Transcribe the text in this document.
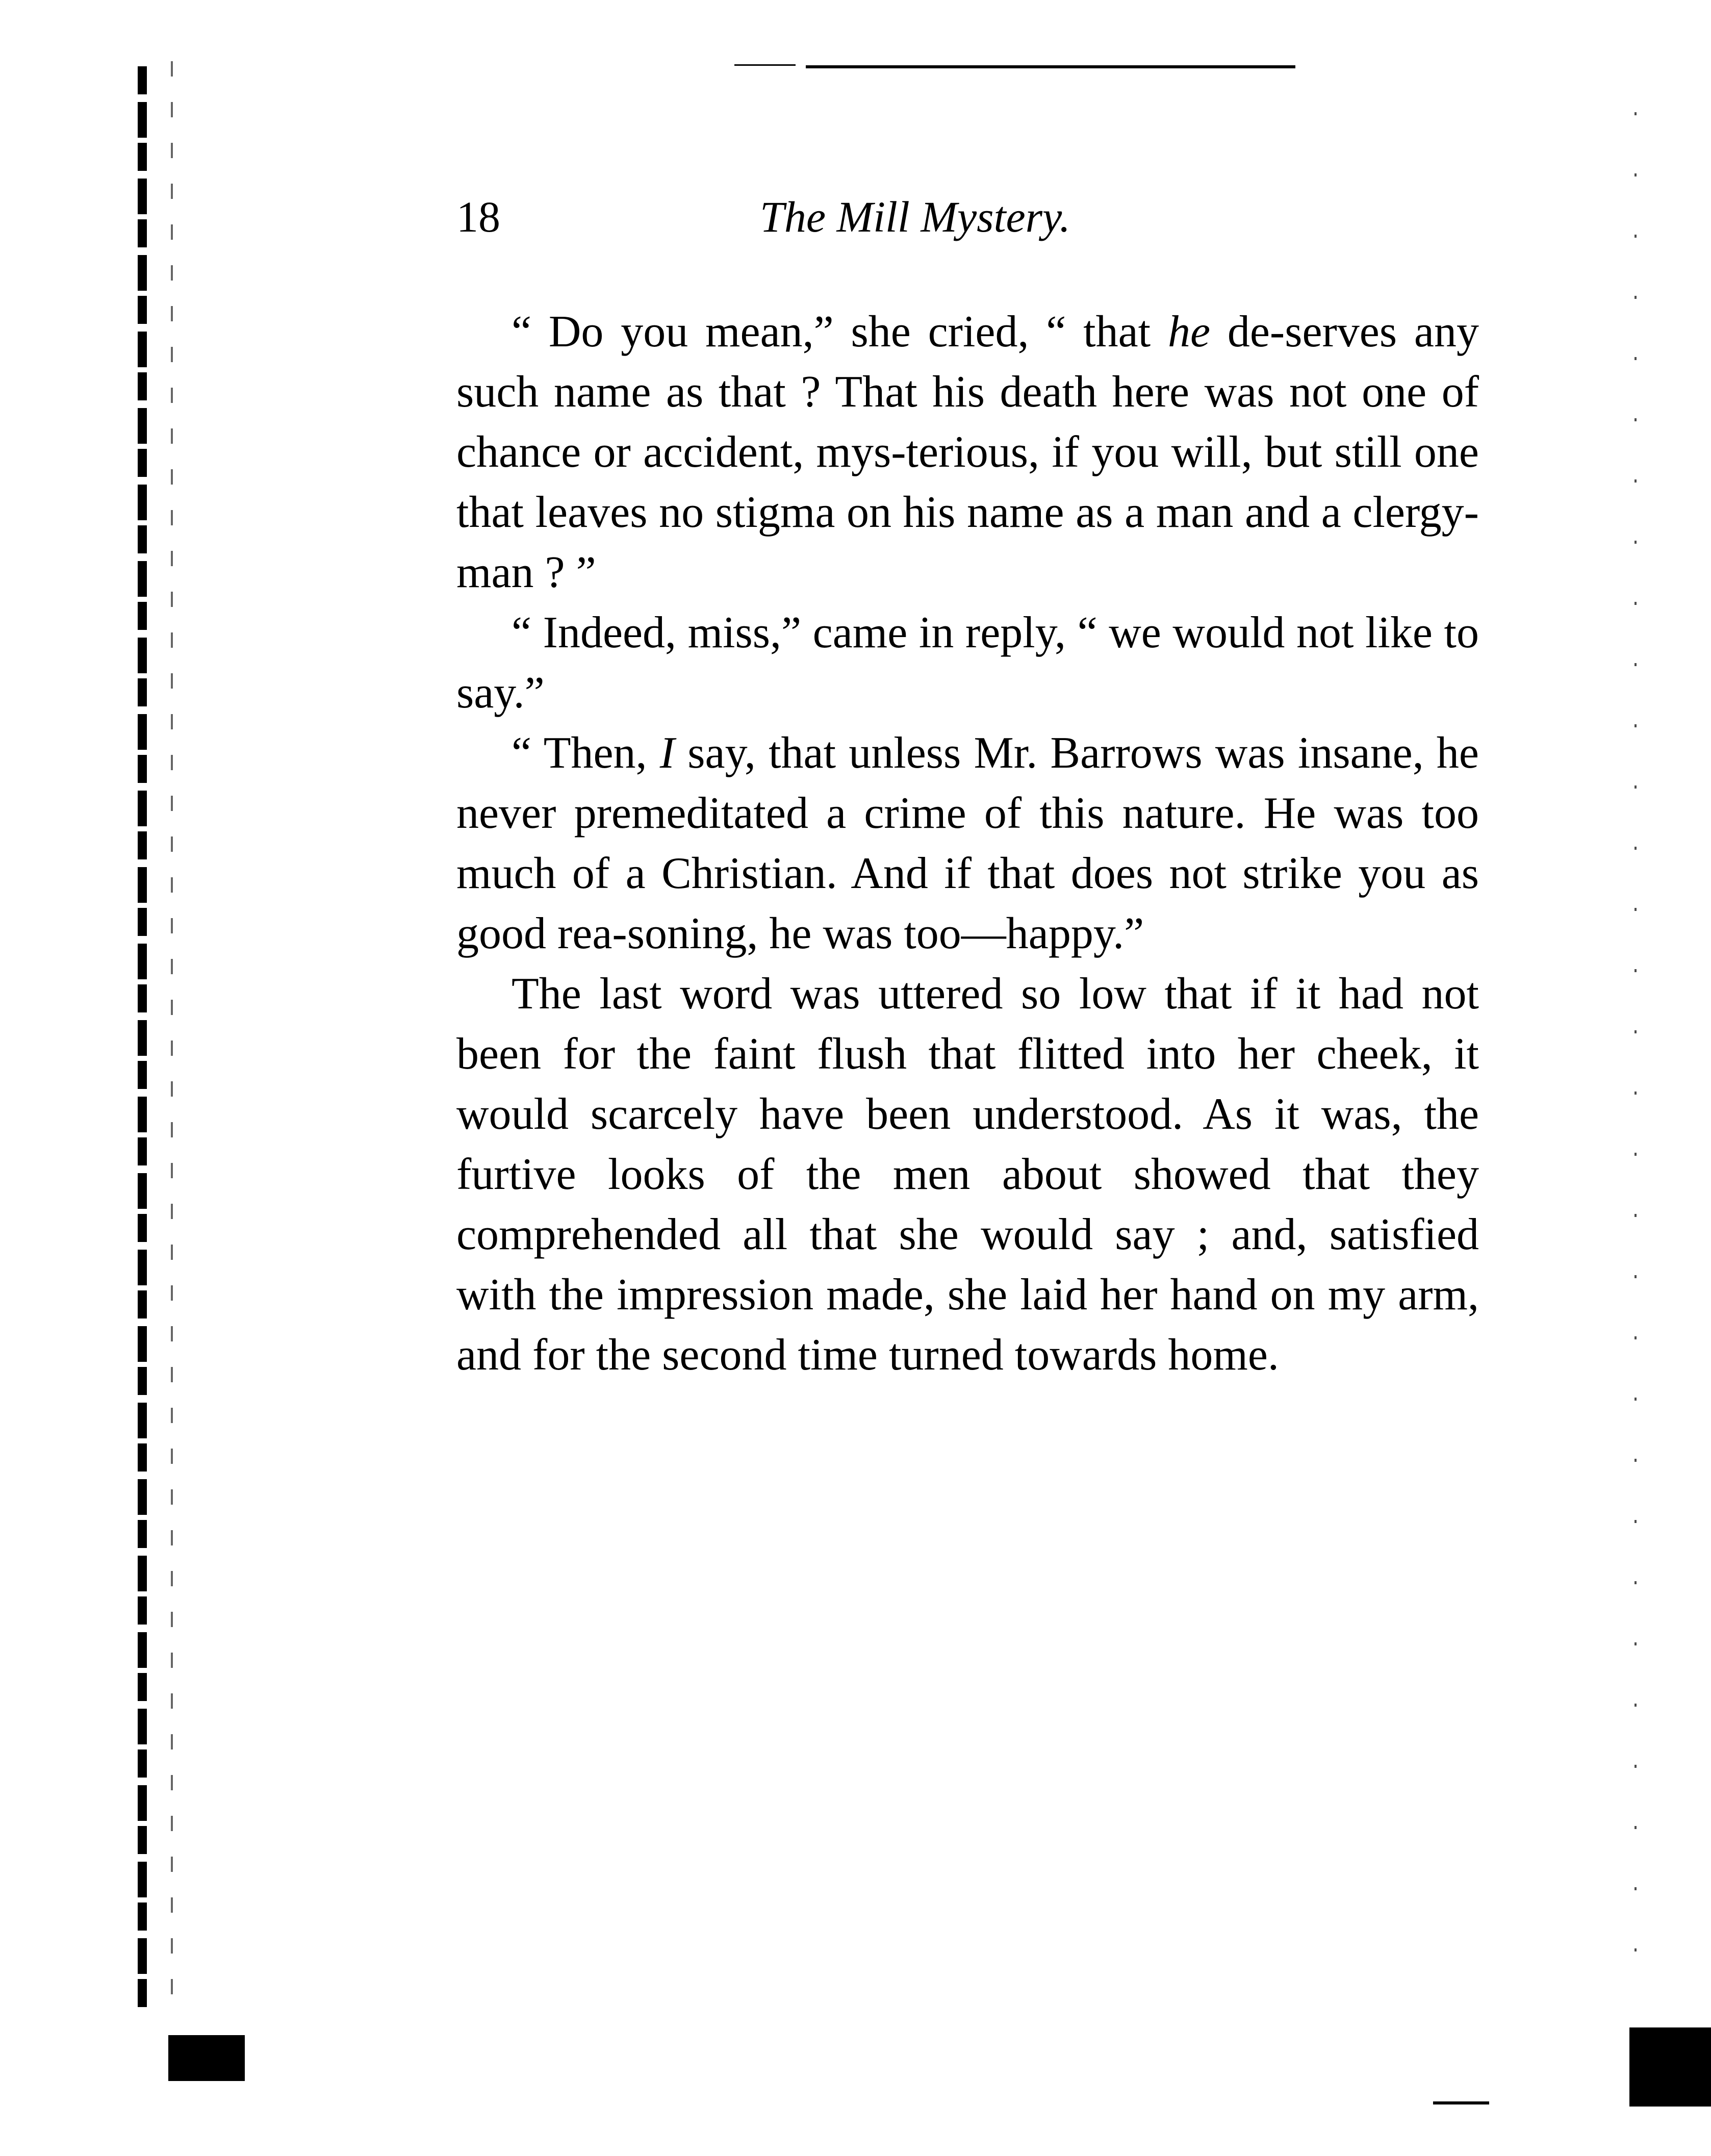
18	The Mill Mystery.

“ Do you mean,” she cried, “ that he de-serves any such name as that ? That his death here was not one of chance or accident, mys-terious, if you will, but still one that leaves no stigma on his name as a man and a clergy-man ? ”

“ Indeed, miss,” came in reply, “ we would not like to say.”

“ Then, I say, that unless Mr. Barrows was insane, he never premeditated a crime of this nature. He was too much of a Christian. And if that does not strike you as good rea-soning, he was too—happy.”

The last word was uttered so low that if it had not been for the faint flush that flitted into her cheek, it would scarcely have been understood. As it was, the furtive looks of the men about showed that they comprehended all that she would say ; and, satisfied with the impression made, she laid her hand on my arm, and for the second time turned towards home.
